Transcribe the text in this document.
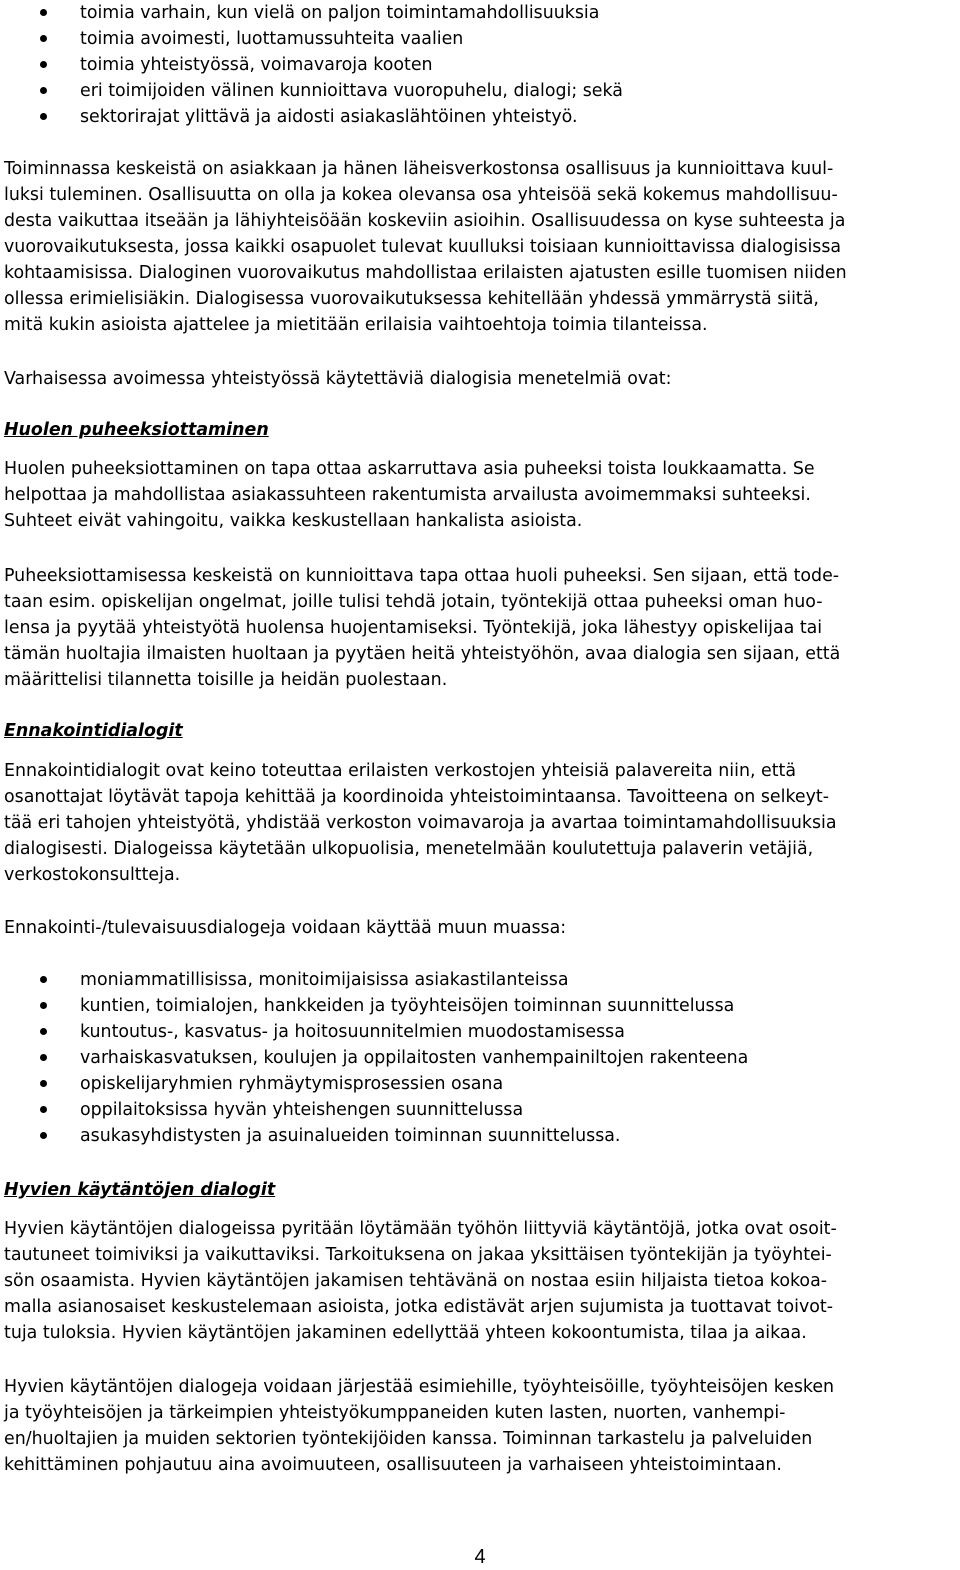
toimia varhain, kun vielä on paljon toimintamahdollisuuksia
toimia avoimesti, luottamussuhteita vaalien
toimia yhteistyössä, voimavaroja kooten
eri toimijoiden välinen kunnioittava vuoropuhelu, dialogi; sekä
sektorirajat ylittävä ja aidosti asiakaslähtöinen yhteistyö.
Toiminnassa keskeistä on asiakkaan ja hänen läheisverkostonsa osallisuus ja kunnioittava kuul-
luksi tuleminen. Osallisuutta on olla ja kokea olevansa osa yhteisöä sekä kokemus mahdollisuu-
desta vaikuttaa itseään ja lähiyhteisöään koskeviin asioihin. Osallisuudessa on kyse suhteesta ja
vuorovaikutuksesta, jossa kaikki osapuolet tulevat kuulluksi toisiaan kunnioittavissa dialogisissa
kohtaamisissa. Dialoginen vuorovaikutus mahdollistaa erilaisten ajatusten esille tuomisen niiden
ollessa erimielisiäkin. Dialogisessa vuorovaikutuksessa kehitellään yhdessä ymmärrystä siitä,
mitä kukin asioista ajattelee ja mietitään erilaisia vaihtoehtoja toimia tilanteissa.
Varhaisessa avoimessa yhteistyössä käytettäviä dialogisia menetelmiä ovat:
Huolen puheeksiottaminen
Huolen puheeksiottaminen on tapa ottaa askarruttava asia puheeksi toista loukkaamatta. Se
helpottaa ja mahdollistaa asiakassuhteen rakentumista arvailusta avoimemmaksi suhteeksi.
Suhteet eivät vahingoitu, vaikka keskustellaan hankalista asioista.
Puheeksiottamisessa keskeistä on kunnioittava tapa ottaa huoli puheeksi. Sen sijaan, että tode-
taan esim. opiskelijan ongelmat, joille tulisi tehdä jotain, työntekijä ottaa puheeksi oman huo-
lensa ja pyytää yhteistyötä huolensa huojentamiseksi. Työntekijä, joka lähestyy opiskelijaa tai
tämän huoltajia ilmaisten huoltaan ja pyytäen heitä yhteistyöhön, avaa dialogia sen sijaan, että
määrittelisi tilannetta toisille ja heidän puolestaan.
Ennakointidialogit
Ennakointidialogit ovat keino toteuttaa erilaisten verkostojen yhteisiä palavereita niin, että
osanottajat löytävät tapoja kehittää ja koordinoida yhteistoimintaansa. Tavoitteena on selkeyt-
tää eri tahojen yhteistyötä, yhdistää verkoston voimavaroja ja avartaa toimintamahdollisuuksia
dialogisesti. Dialogeissa käytetään ulkopuolisia, menetelmään koulutettuja palaverin vetäjiä,
verkostokonsultteja.
Ennakointi-/tulevaisuusdialogeja voidaan käyttää muun muassa:
moniammatillisissa, monitoimijaisissa asiakastilanteissa
kuntien, toimialojen, hankkeiden ja työyhteisöjen toiminnan suunnittelussa
kuntoutus-, kasvatus- ja hoitosuunnitelmien muodostamisessa
varhaiskasvatuksen, koulujen ja oppilaitosten vanhempainiltojen rakenteena
opiskelijaryhmien ryhmäytymisprosessien osana
oppilaitoksissa hyvän yhteishengen suunnittelussa
asukasyhdistysten ja asuinalueiden toiminnan suunnittelussa.
Hyvien käytäntöjen dialogit
Hyvien käytäntöjen dialogeissa pyritään löytämään työhön liittyviä käytäntöjä, jotka ovat osoit-
tautuneet toimiviksi ja vaikuttaviksi. Tarkoituksena on jakaa yksittäisen työntekijän ja työyhtei-
sön osaamista. Hyvien käytäntöjen jakamisen tehtävänä on nostaa esiin hiljaista tietoa kokoa-
malla asianosaiset keskustelemaan asioista, jotka edistävät arjen sujumista ja tuottavat toivot-
tuja tuloksia. Hyvien käytäntöjen jakaminen edellyttää yhteen kokoontumista, tilaa ja aikaa.
Hyvien käytäntöjen dialogeja voidaan järjestää esimiehille, työyhteisöille, työyhteisöjen kesken
ja työyhteisöjen ja tärkeimpien yhteistyökumppaneiden kuten lasten, nuorten, vanhempi-
en/huoltajien ja muiden sektorien työntekijöiden kanssa. Toiminnan tarkastelu ja palveluiden
kehittäminen pohjautuu aina avoimuuteen, osallisuuteen ja varhaiseen yhteistoimintaan.
4
